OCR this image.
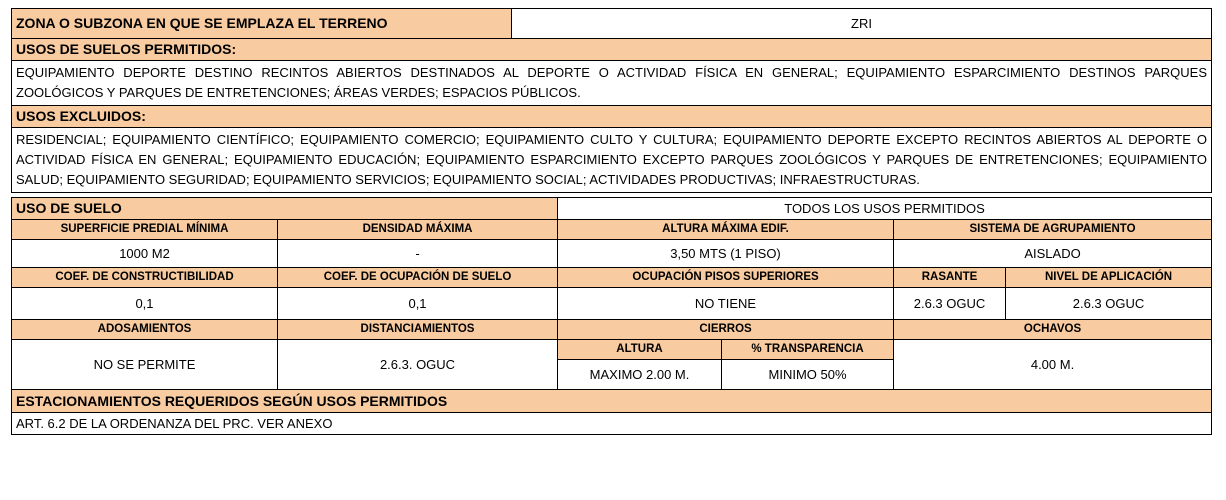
ZONA O SUBZONA EN QUE SE EMPLAZA EL TERRENO	ZRI
USOS DE SUELOS PERMITIDOS:
EQUIPAMIENTO DEPORTE DESTINO RECINTOS ABIERTOS DESTINADOS AL DEPORTE O ACTIVIDAD FÍSICA EN GENERAL; EQUIPAMIENTO ESPARCIMIENTO DESTINOS PARQUES ZOOLÓGICOS Y PARQUES DE ENTRETENCIONES; ÁREAS VERDES; ESPACIOS PÚBLICOS.
USOS EXCLUIDOS:
RESIDENCIAL; EQUIPAMIENTO CIENTÍFICO; EQUIPAMIENTO COMERCIO; EQUIPAMIENTO CULTO Y CULTURA; EQUIPAMIENTO DEPORTE EXCEPTO RECINTOS ABIERTOS AL DEPORTE O ACTIVIDAD FÍSICA EN GENERAL; EQUIPAMIENTO EDUCACIÓN; EQUIPAMIENTO ESPARCIMIENTO EXCEPTO PARQUES ZOOLÓGICOS Y PARQUES DE ENTRETENCIONES; EQUIPAMIENTO SALUD; EQUIPAMIENTO SEGURIDAD; EQUIPAMIENTO SERVICIOS; EQUIPAMIENTO SOCIAL; ACTIVIDADES PRODUCTIVAS; INFRAESTRUCTURAS.
USO DE SUELO		TODOS LOS USOS PERMITIDOS			
SUPERFICIE PREDIAL MÍNIMA	DENSIDAD MÁXIMA	ALTURA MÁXIMA EDIF.		SISTEMA DE AGRUPAMIENTO	
1000 M2	-	3,50 MTS (1 PISO)		AISLADO	
COEF. DE CONSTRUCTIBILIDAD	COEF. DE OCUPACIÓN DE SUELO	OCUPACIÓN PISOS SUPERIORES		RASANTE	NIVEL DE APLICACIÓN
0,1	0,1	NO TIENE		2.6.3 OGUC	2.6.3 OGUC
ADOSAMIENTOS	DISTANCIAMIENTOS	CIERROS		OCHAVOS	
NO SE PERMITE	2.6.3. OGUC	ALTURA	% TRANSPARENCIA	4.00 M.	
		MAXIMO 2.00 M.	MINIMO 50%		
ESTACIONAMIENTOS REQUERIDOS SEGÚN USOS PERMITIDOS					
ART. 6.2 DE LA ORDENANZA DEL PRC. VER ANEXO					
